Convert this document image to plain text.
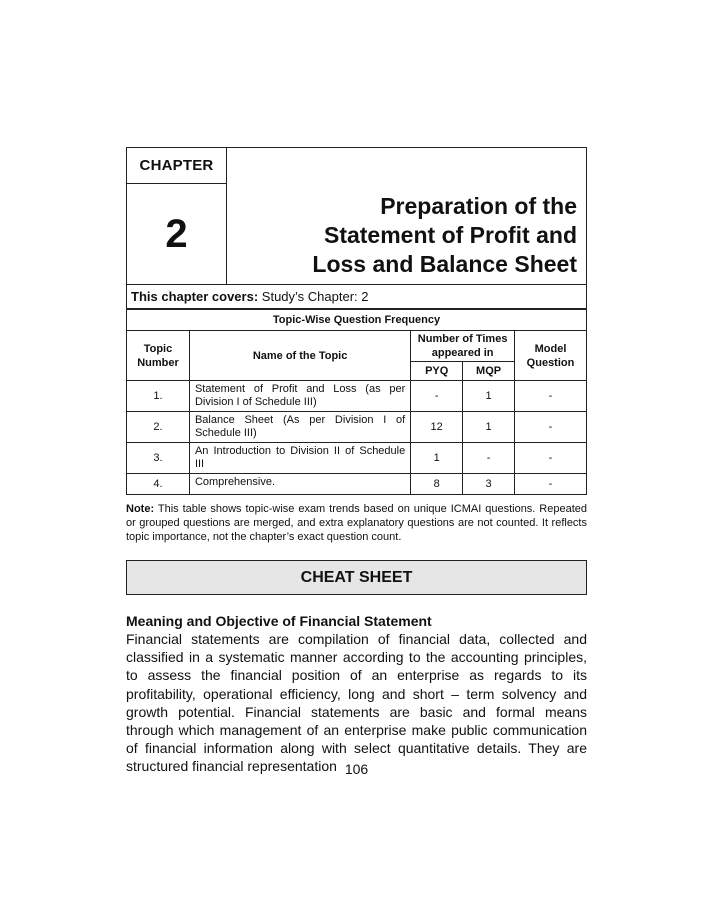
CHAPTER
2
Preparation of the
Statement of Profit and
Loss and Balance Sheet
This chapter covers: Study’s Chapter: 2
Topic-Wise Question Frequency				
Topic Number	Name of the Topic	Number of Times appeared in		Model Question
		PYQ	MQP	
1.	Statement of Profit and Loss (as per Division I of Schedule III)	-	1	-
2.	Balance Sheet (As per Division I of Schedule III)	12	1	-
3.	An Introduction to Division II of Schedule III	1	-	-
4.	Comprehensive.	8	3	-
Note: This table shows topic-wise exam trends based on unique ICMAI questions. Repeated or grouped questions are merged, and extra explanatory questions are not counted. It reflects topic importance, not the chapter’s exact question count.
CHEAT SHEET
Meaning and Objective of Financial Statement
Financial statements are compilation of financial data, collected and classified in a systematic manner according to the accounting principles, to assess the financial position of an enterprise as regards to its profitability, operational efficiency, long and short – term solvency and growth potential. Financial statements are basic and formal means through which management of an enterprise make public communication of financial information along with select quantitative details. They are structured financial representation 106
